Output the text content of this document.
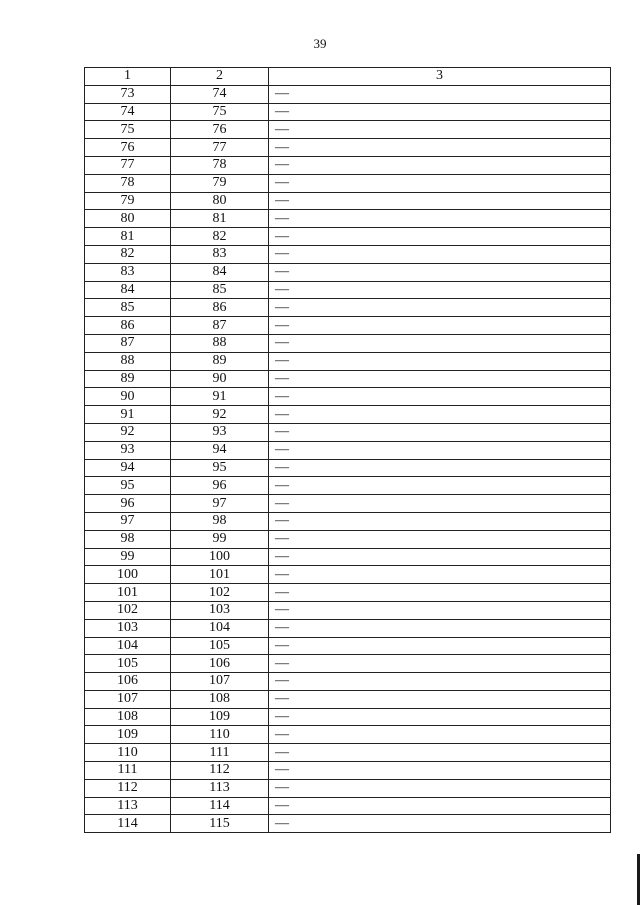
39
1	2	3
73	74	—
74	75	—
75	76	—
76	77	—
77	78	—
78	79	—
79	80	—
80	81	—
81	82	—
82	83	—
83	84	—
84	85	—
85	86	—
86	87	—
87	88	—
88	89	—
89	90	—
90	91	—
91	92	—
92	93	—
93	94	—
94	95	—
95	96	—
96	97	—
97	98	—
98	99	—
99	100	—
100	101	—
101	102	—
102	103	—
103	104	—
104	105	—
105	106	—
106	107	—
107	108	—
108	109	—
109	110	—
110	111	—
111	112	—
112	113	—
113	114	—
114	115	—
